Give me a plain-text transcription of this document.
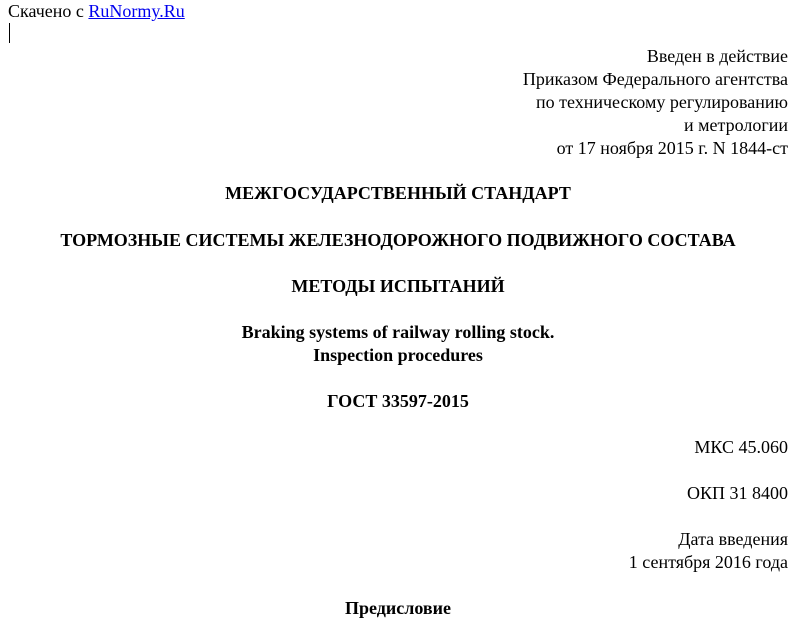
Скачено с RuNormy.Ru
Введен в действие
Приказом Федерального агентства
по техническому регулированию
и метрологии
от 17 ноября 2015 г. N 1844-ст
МЕЖГОСУДАРСТВЕННЫЙ СТАНДАРТ
ТОРМОЗНЫЕ СИСТЕМЫ ЖЕЛЕЗНОДОРОЖНОГО ПОДВИЖНОГО СОСТАВА
МЕТОДЫ ИСПЫТАНИЙ
Braking systems of railway rolling stock.
Inspection procedures
ГОСТ 33597-2015
МКС 45.060
ОКП 31 8400
Дата введения
1 сентября 2016 года
Предисловие
